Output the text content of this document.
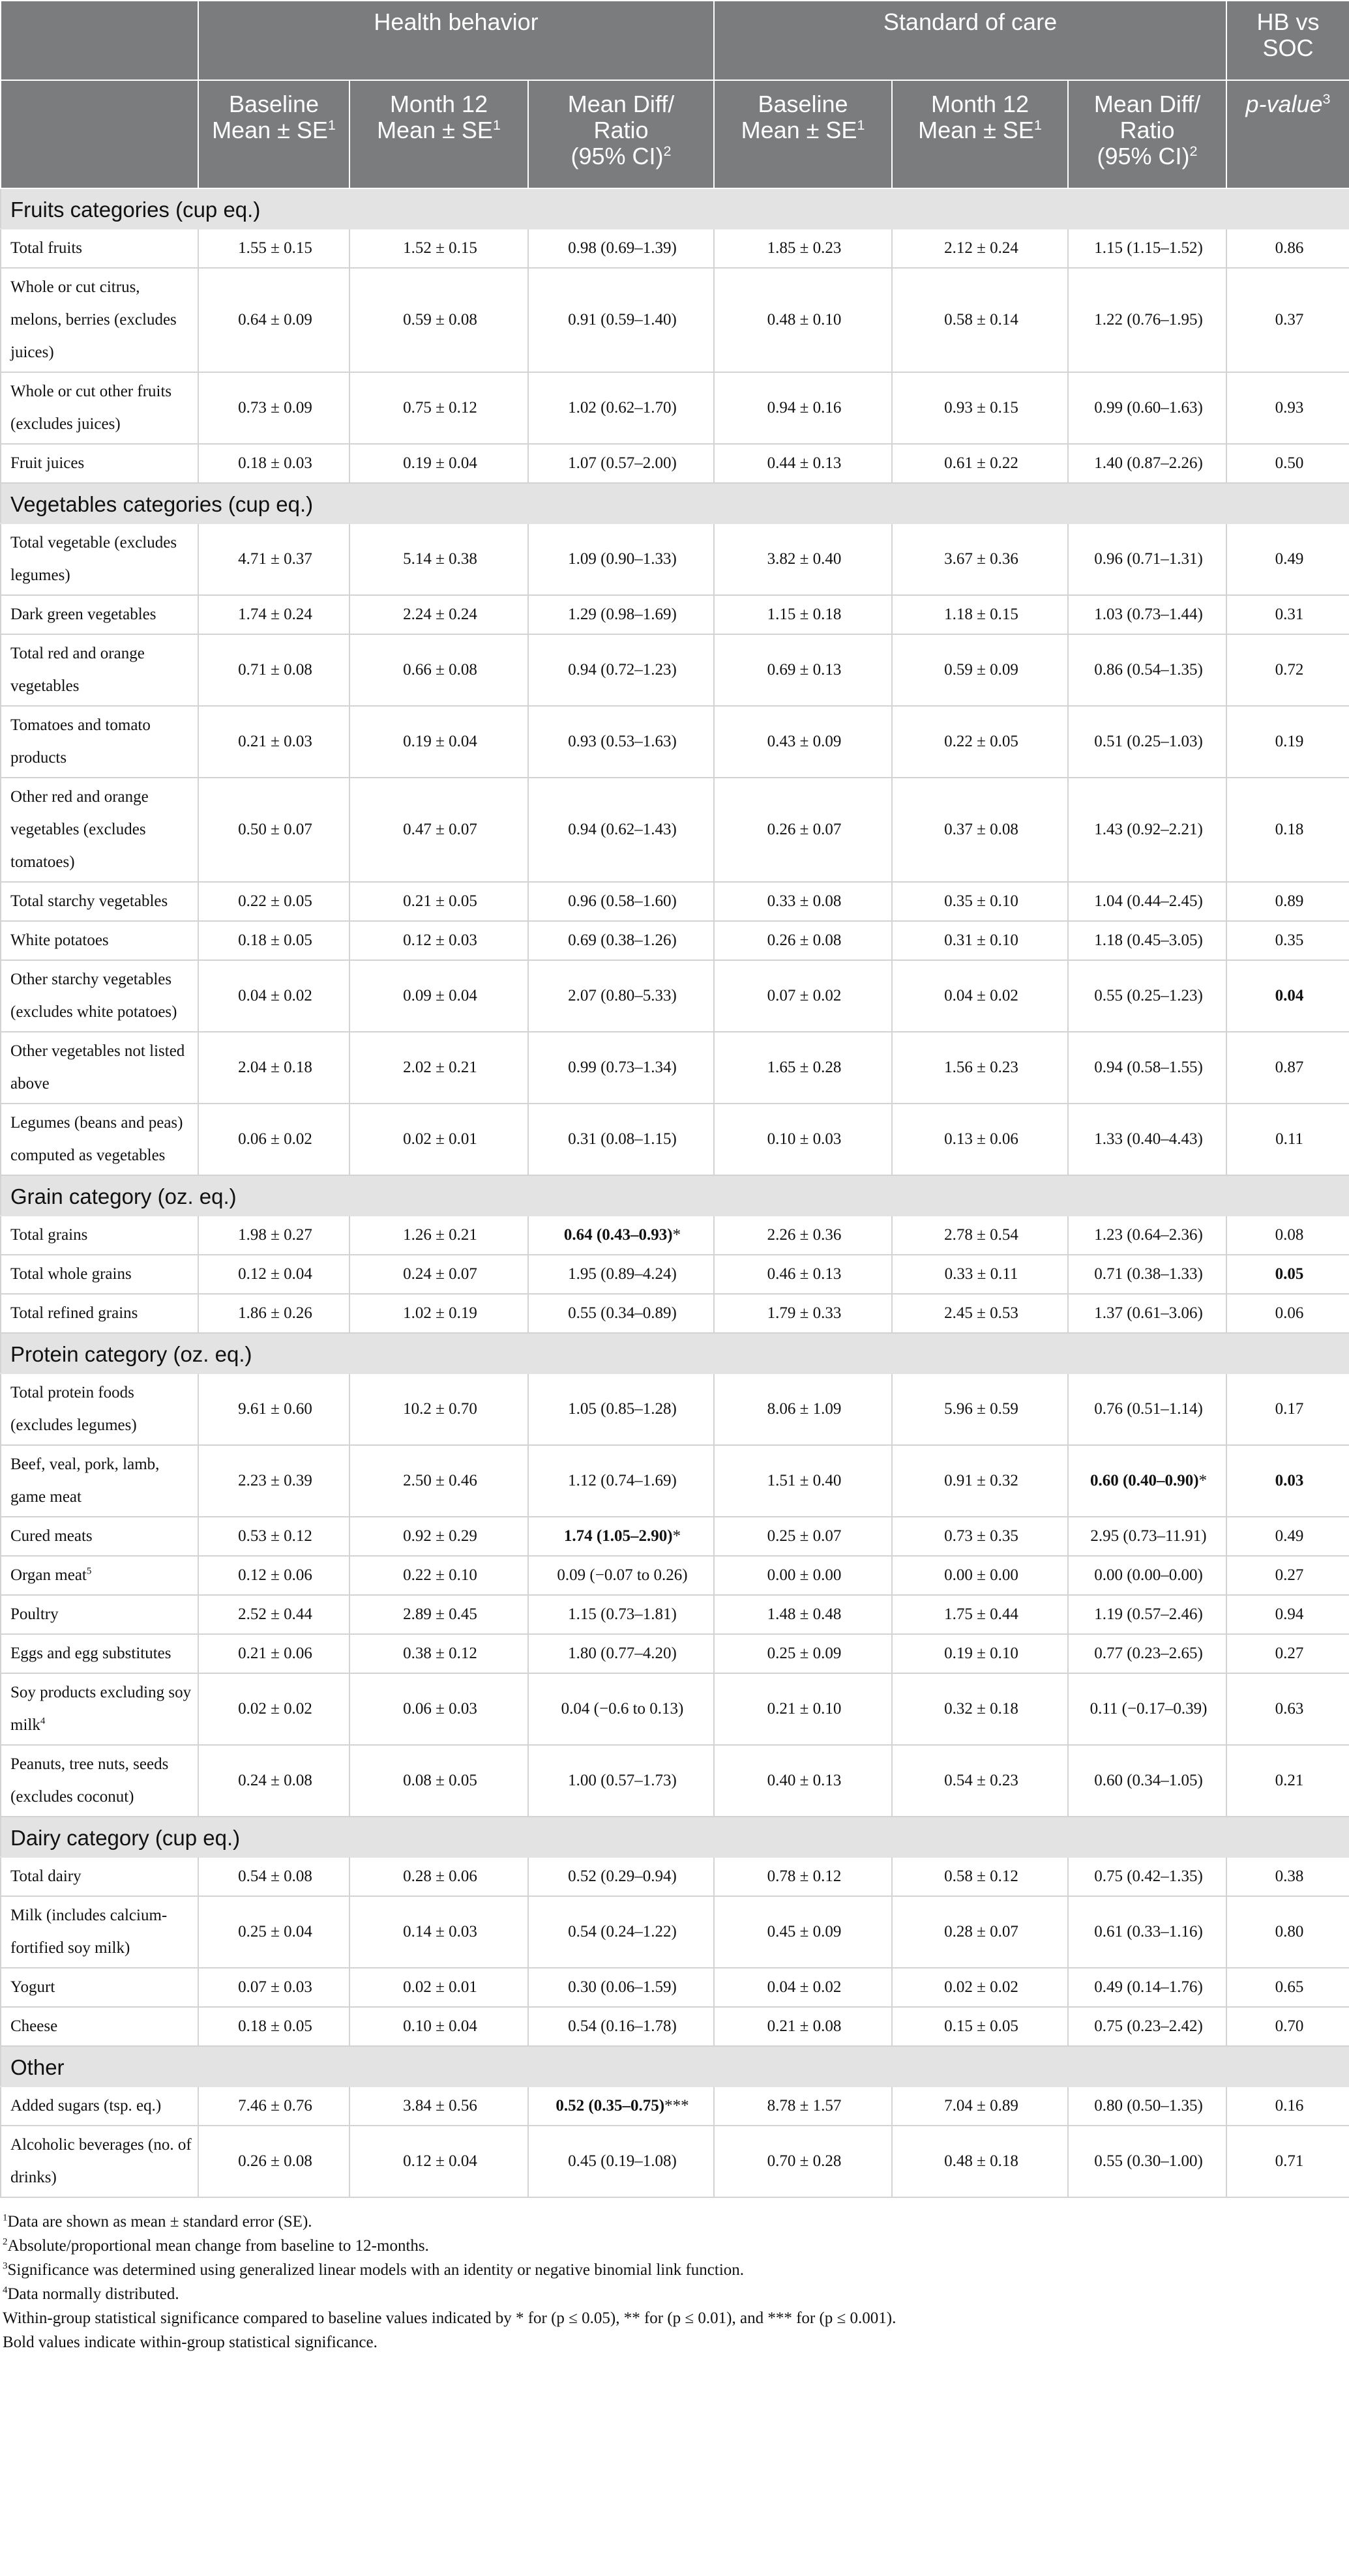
	Health behavior			Standard of care			HB vs
SOC
	Baseline
Mean ± $SE^1$	Month 12
Mean ± $SE^1$	Mean Diff/
Ratio
(95% CI)$^2$	Baseline
Mean ± $SE^1$	Month 12
Mean ± $SE^1$	Mean Diff/
Ratio
(95% CI)$^2$	p-value$^3$
Fruits categories (cup eq.)							
Total fruits	1.55 ± 0.15	1.52 ± 0.15	0.98 (0.69–1.39)	1.85 ± 0.23	2.12 ± 0.24	1.15 (1.15–1.52)	0.86
Whole or cut citrus, melons, berries (excludes juices)	0.64 ± 0.09	0.59 ± 0.08	0.91 (0.59–1.40)	0.48 ± 0.10	0.58 ± 0.14	1.22 (0.76–1.95)	0.37
Whole or cut other fruits (excludes juices)	0.73 ± 0.09	0.75 ± 0.12	1.02 (0.62–1.70)	0.94 ± 0.16	0.93 ± 0.15	0.99 (0.60–1.63)	0.93
Fruit juices	0.18 ± 0.03	0.19 ± 0.04	1.07 (0.57–2.00)	0.44 ± 0.13	0.61 ± 0.22	1.40 (0.87–2.26)	0.50
Vegetables categories (cup eq.)							
Total vegetable (excludes legumes)	4.71 ± 0.37	5.14 ± 0.38	1.09 (0.90–1.33)	3.82 ± 0.40	3.67 ± 0.36	0.96 (0.71–1.31)	0.49
Dark green vegetables	1.74 ± 0.24	2.24 ± 0.24	1.29 (0.98–1.69)	1.15 ± 0.18	1.18 ± 0.15	1.03 (0.73–1.44)	0.31
Total red and orange vegetables	0.71 ± 0.08	0.66 ± 0.08	0.94 (0.72–1.23)	0.69 ± 0.13	0.59 ± 0.09	0.86 (0.54–1.35)	0.72
Tomatoes and tomato products	0.21 ± 0.03	0.19 ± 0.04	0.93 (0.53–1.63)	0.43 ± 0.09	0.22 ± 0.05	0.51 (0.25–1.03)	0.19
Other red and orange vegetables (excludes tomatoes)	0.50 ± 0.07	0.47 ± 0.07	0.94 (0.62–1.43)	0.26 ± 0.07	0.37 ± 0.08	1.43 (0.92–2.21)	0.18
Total starchy vegetables	0.22 ± 0.05	0.21 ± 0.05	0.96 (0.58–1.60)	0.33 ± 0.08	0.35 ± 0.10	1.04 (0.44–2.45)	0.89
White potatoes	0.18 ± 0.05	0.12 ± 0.03	0.69 (0.38–1.26)	0.26 ± 0.08	0.31 ± 0.10	1.18 (0.45–3.05)	0.35
Other starchy vegetables (excludes white potatoes)	0.04 ± 0.02	0.09 ± 0.04	2.07 (0.80–5.33)	0.07 ± 0.02	0.04 ± 0.02	0.55 (0.25–1.23)	0.04
Other vegetables not listed above	2.04 ± 0.18	2.02 ± 0.21	0.99 (0.73–1.34)	1.65 ± 0.28	1.56 ± 0.23	0.94 (0.58–1.55)	0.87
Legumes (beans and peas) computed as vegetables	0.06 ± 0.02	0.02 ± 0.01	0.31 (0.08–1.15)	0.10 ± 0.03	0.13 ± 0.06	1.33 (0.40–4.43)	0.11
Grain category (oz. eq.)							
Total grains	1.98 ± 0.27	1.26 ± 0.21	0.64 (0.43–0.93)*	2.26 ± 0.36	2.78 ± 0.54	1.23 (0.64–2.36)	0.08
Total whole grains	0.12 ± 0.04	0.24 ± 0.07	1.95 (0.89–4.24)	0.46 ± 0.13	0.33 ± 0.11	0.71 (0.38–1.33)	0.05
Total refined grains	1.86 ± 0.26	1.02 ± 0.19	0.55 (0.34–0.89)	1.79 ± 0.33	2.45 ± 0.53	1.37 (0.61–3.06)	0.06
Protein category (oz. eq.)							
Total protein foods (excludes legumes)	9.61 ± 0.60	10.2 ± 0.70	1.05 (0.85–1.28)	8.06 ± 1.09	5.96 ± 0.59	0.76 (0.51–1.14)	0.17
Beef, veal, pork, lamb, game meat	2.23 ± 0.39	2.50 ± 0.46	1.12 (0.74–1.69)	1.51 ± 0.40	0.91 ± 0.32	0.60 (0.40–0.90)*	0.03
Cured meats	0.53 ± 0.12	0.92 ± 0.29	1.74 (1.05–2.90)*	0.25 ± 0.07	0.73 ± 0.35	2.95 (0.73–11.91)	0.49
Organ meat$^5$	0.12 ± 0.06	0.22 ± 0.10	0.09 (−0.07 to 0.26)	0.00 ± 0.00	0.00 ± 0.00	0.00 (0.00–0.00)	0.27
Poultry	2.52 ± 0.44	2.89 ± 0.45	1.15 (0.73–1.81)	1.48 ± 0.48	1.75 ± 0.44	1.19 (0.57–2.46)	0.94
Eggs and egg substitutes	0.21 ± 0.06	0.38 ± 0.12	1.80 (0.77–4.20)	0.25 ± 0.09	0.19 ± 0.10	0.77 (0.23–2.65)	0.27
Soy products excluding soy milk$^4$	0.02 ± 0.02	0.06 ± 0.03	0.04 (−0.6 to 0.13)	0.21 ± 0.10	0.32 ± 0.18	0.11 (−0.17–0.39)	0.63
Peanuts, tree nuts, seeds (excludes coconut)	0.24 ± 0.08	0.08 ± 0.05	1.00 (0.57–1.73)	0.40 ± 0.13	0.54 ± 0.23	0.60 (0.34–1.05)	0.21
Dairy category (cup eq.)							
Total dairy	0.54 ± 0.08	0.28 ± 0.06	0.52 (0.29–0.94)	0.78 ± 0.12	0.58 ± 0.12	0.75 (0.42–1.35)	0.38
Milk (includes calcium-fortified soy milk)	0.25 ± 0.04	0.14 ± 0.03	0.54 (0.24–1.22)	0.45 ± 0.09	0.28 ± 0.07	0.61 (0.33–1.16)	0.80
Yogurt	0.07 ± 0.03	0.02 ± 0.01	0.30 (0.06–1.59)	0.04 ± 0.02	0.02 ± 0.02	0.49 (0.14–1.76)	0.65
Cheese	0.18 ± 0.05	0.10 ± 0.04	0.54 (0.16–1.78)	0.21 ± 0.08	0.15 ± 0.05	0.75 (0.23–2.42)	0.70
Other							
Added sugars (tsp. eq.)	7.46 ± 0.76	3.84 ± 0.56	0.52 (0.35–0.75)***	8.78 ± 1.57	7.04 ± 0.89	0.80 (0.50–1.35)	0.16
Alcoholic beverages (no. of drinks)	0.26 ± 0.08	0.12 ± 0.04	0.45 (0.19–1.08)	0.70 ± 0.28	0.48 ± 0.18	0.55 (0.30–1.00)	0.71
$^1$Data are shown as mean ± standard error (SE).
$^2$Absolute/proportional mean change from baseline to 12-months.
$^3$Significance was determined using generalized linear models with an identity or negative binomial link function.
$^4$Data normally distributed.
Within-group statistical significance compared to baseline values indicated by * for (p ≤ 0.05), ** for (p ≤ 0.01), and *** for (p ≤ 0.001).
Bold values indicate within-group statistical significance.
